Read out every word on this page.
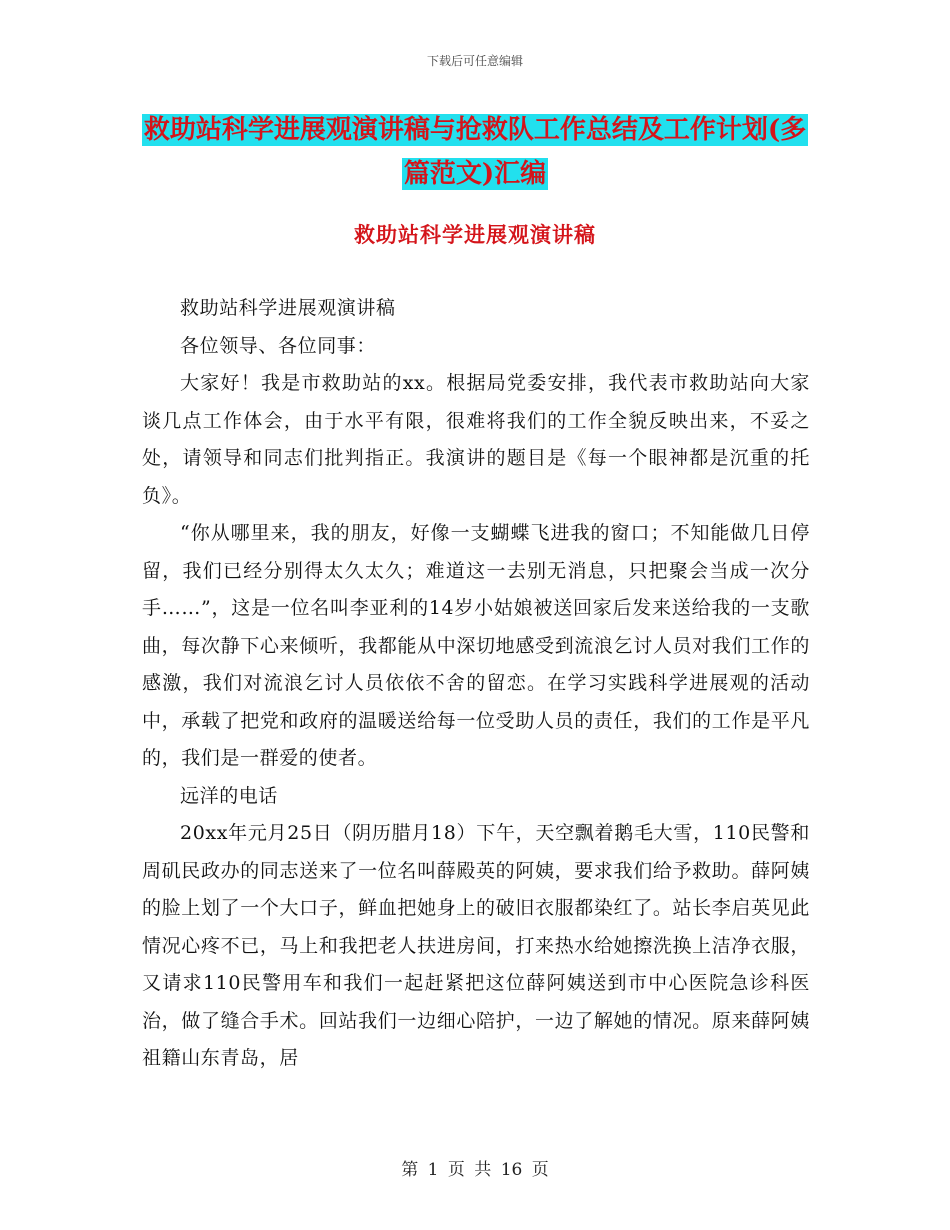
下载后可任意编辑
救助站科学进展观演讲稿与抢救队工作总结及工作计划(多篇范文)汇编
救助站科学进展观演讲稿

救助站科学进展观演讲稿

各位领导、各位同事：

大家好！我是市救助站的xx。根据局党委安排，我代表市救助站向大家谈几点工作体会，由于水平有限，很难将我们的工作全貌反映出来，不妥之处，请领导和同志们批判指正。我演讲的题目是《每一个眼神都是沉重的托负》。

“你从哪里来，我的朋友，好像一支蝴蝶飞进我的窗口；不知能做几日停留，我们已经分别得太久太久；难道这一去别无消息，只把聚会当成一次分手……”，这是一位名叫李亚利的14岁小姑娘被送回家后发来送给我的一支歌曲，每次静下心来倾听，我都能从中深切地感受到流浪乞讨人员对我们工作的感激，我们对流浪乞讨人员依依不舍的留恋。在学习实践科学进展观的活动中，承载了把党和政府的温暖送给每一位受助人员的责任，我们的工作是平凡的，我们是一群爱的使者。

远洋的电话

20xx年元月25日（阴历腊月18）下午，天空飘着鹅毛大雪，110民警和周矶民政办的同志送来了一位名叫薛殿英的阿姨，要求我们给予救助。薛阿姨的脸上划了一个大口子，鲜血把她身上的破旧衣服都染红了。站长李启英见此情况心疼不已，马上和我把老人扶进房间，打来热水给她擦洗换上洁净衣服，又请求110民警用车和我们一起赶紧把这位薛阿姨送到市中心医院急诊科医治，做了缝合手术。回站我们一边细心陪护，一边了解她的情况。原来薛阿姨祖籍山东青岛，居

第 1 页 共 16 页
